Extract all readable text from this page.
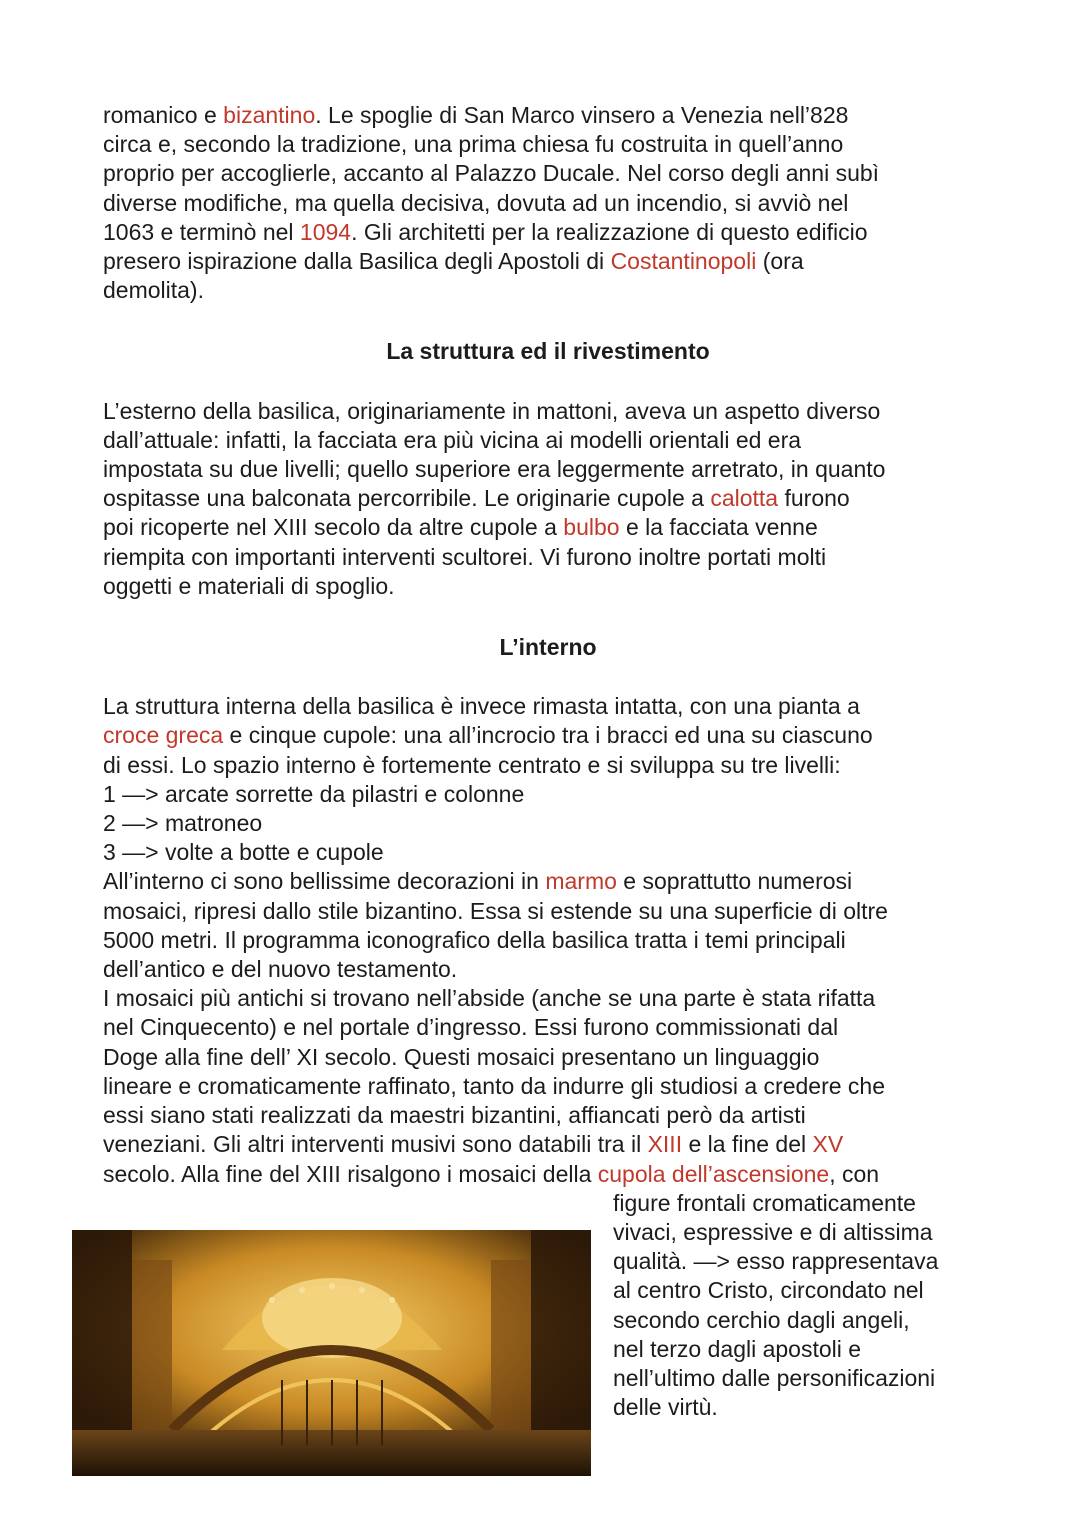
romanico e bizantino. Le spoglie di San Marco vinsero a Venezia nell’828
circa e, secondo la tradizione, una prima chiesa fu costruita in quell’anno
proprio per accoglierle, accanto al Palazzo Ducale. Nel corso degli anni subì
diverse modifiche, ma quella decisiva, dovuta ad un incendio, si avviò nel
1063 e terminò nel 1094. Gli architetti per la realizzazione di questo edificio
presero ispirazione dalla Basilica degli Apostoli di Costantinopoli (ora
demolita).
La struttura ed il rivestimento
L’esterno della basilica, originariamente in mattoni, aveva un aspetto diverso
dall’attuale: infatti, la facciata era più vicina ai modelli orientali ed era
impostata su due livelli; quello superiore era leggermente arretrato, in quanto
ospitasse una balconata percorribile. Le originarie cupole a calotta furono
poi ricoperte nel XIII secolo da altre cupole a bulbo e la facciata venne
riempita con importanti interventi scultorei. Vi furono inoltre portati molti
oggetti e materiali di spoglio.
L’interno
La struttura interna della basilica è invece rimasta intatta, con una pianta a
croce greca e cinque cupole: una all’incrocio tra i bracci ed una su ciascuno
di essi. Lo spazio interno è fortemente centrato e si sviluppa su tre livelli:
1 —> arcate sorrette da pilastri e colonne
2 —> matroneo
3 —> volte a botte e cupole
All’interno ci sono bellissime decorazioni in marmo e soprattutto numerosi
mosaici, ripresi dallo stile bizantino. Essa si estende su una superficie di oltre
5000 metri. Il programma iconografico della basilica tratta i temi principali
dell’antico e del nuovo testamento.
I mosaici più antichi si trovano nell’abside (anche se una parte è stata rifatta
nel Cinquecento) e nel portale d’ingresso. Essi furono commissionati dal
Doge alla fine dell’ XI secolo. Questi mosaici presentano un linguaggio
lineare e cromaticamente raffinato, tanto da indurre gli studiosi a credere che
essi siano stati realizzati da maestri bizantini, affiancati però da artisti
veneziani. Gli altri interventi musivi sono databili tra il XIII e la fine del XV
secolo. Alla fine del XIII risalgono i mosaici della cupola dell’ascensione, con
figure frontali cromaticamente
vivaci, espressive e di altissima
qualità. —> esso rappresentava
al centro Cristo, circondato nel
secondo cerchio dagli angeli,
nel terzo dagli apostoli e
nell’ultimo dalle personificazioni
delle virtù.
